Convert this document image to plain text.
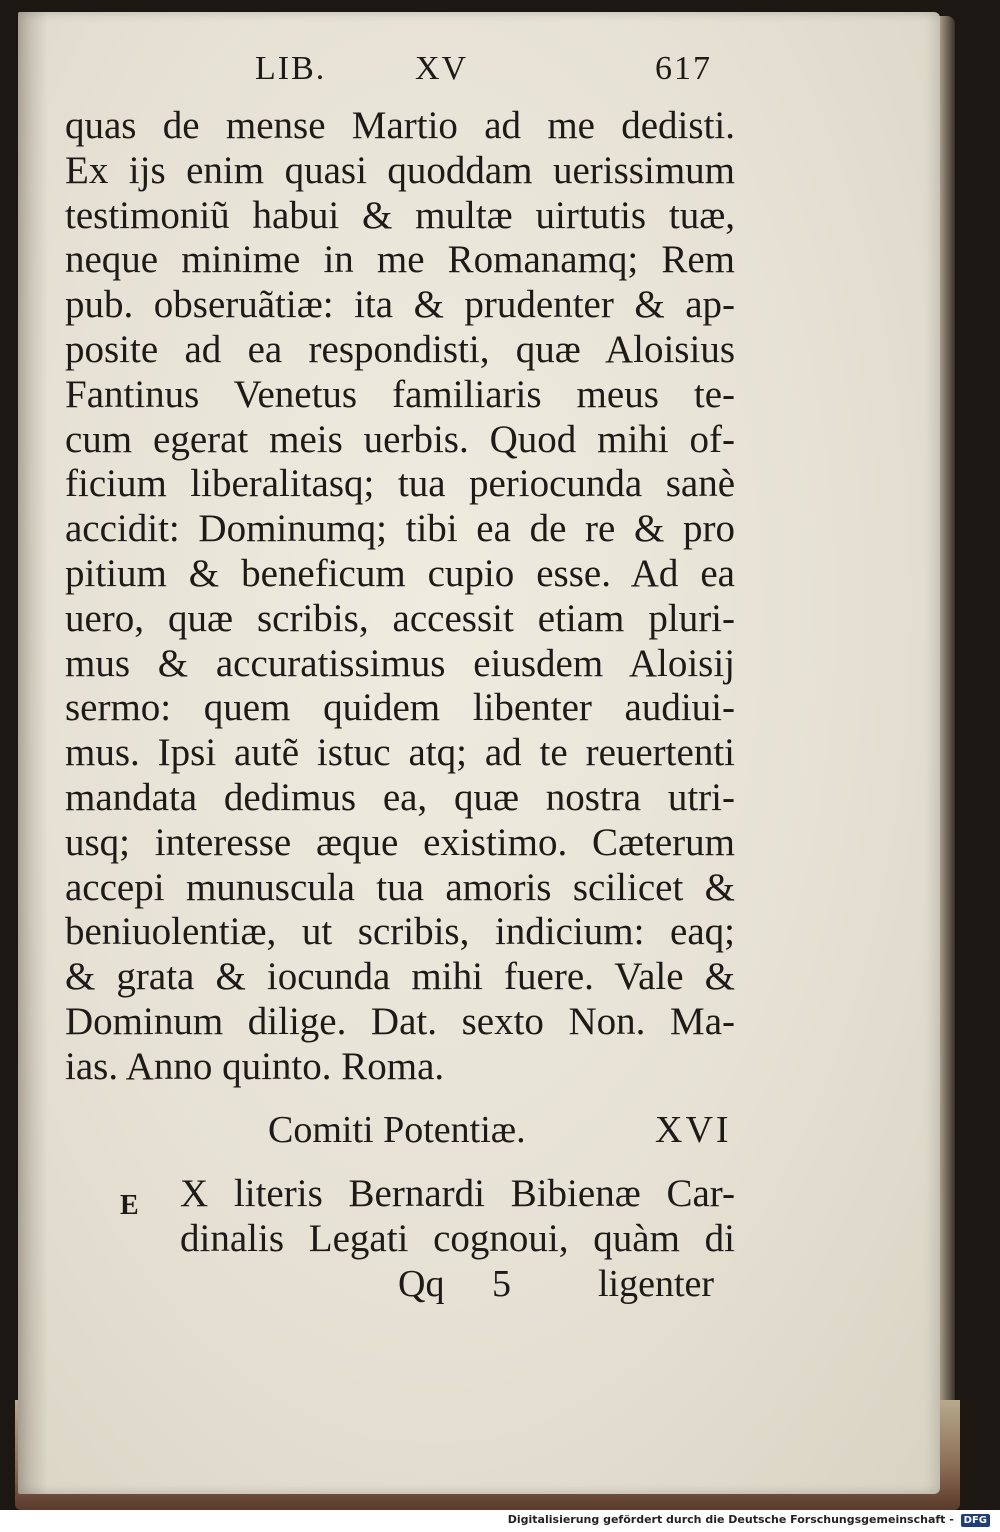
LIB.	XV	617
quas de mense Martio ad me dedisti.
Ex ijs enim quasi quoddam uerissimum
testimoniũ habui & multæ uirtutis tuæ,
neque minime in me Romanamq; Rem
pub. obseruãtiæ: ita & prudenter & ap-
posite ad ea respondisti, quæ Aloisius
Fantinus Venetus familiaris meus te-
cum egerat meis uerbis. Quod mihi of-
ficium liberalitasq; tua periocunda sanè
accidit: Dominumq; tibi ea de re & pro
pitium & beneficum cupio esse. Ad ea
uero, quæ scribis, accessit etiam pluri-
mus & accuratissimus eiusdem Aloisij
sermo: quem quidem libenter audiui-
mus. Ipsi autẽ istuc atq; ad te reuertenti
mandata dedimus ea, quæ nostra utri-
usq; interesse æque existimo. Cæterum
accepi munuscula tua amoris scilicet &
beniuolentiæ, ut scribis, indicium: eaq;
& grata & iocunda mihi fuere. Vale &
Dominum dilige. Dat. sexto Non. Ma-
ias. Anno quinto. Roma.
Comiti Potentiæ.	XVI
E X literis Bernardi Bibienæ Car-
dinalis Legati cognoui, quàm di
Qq 5 ligenter
Digitalisierung gefördert durch die Deutsche Forschungsgemeinschaft - DFG
